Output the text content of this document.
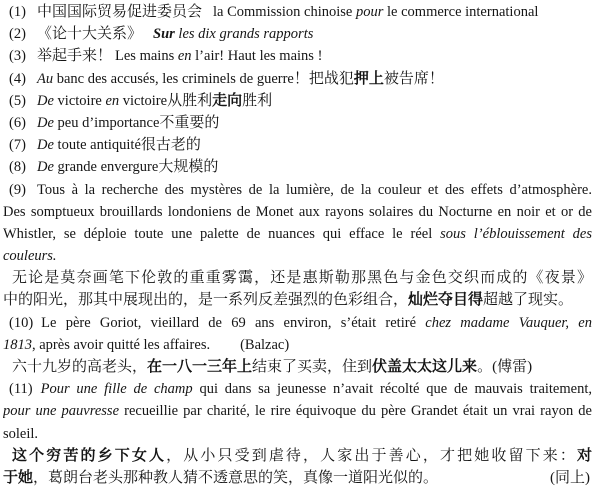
(1) 中国国际贸易促进委员会 la Commission chinoise pour le commerce international
(2) 《论十大关系》 Sur les dix grands rapports
(3) 举起手来！ Les mains en l’air! Haut les mains !
(4) Au banc des accusés, les criminels de guerre！把战犯押上被告席！
(5) De victoire en victoire从胜利走向胜利
(6) De peu d’importance不重要的
(7) De toute antiquité很古老的
(8) De grande envergure大规模的
(9) Tous à la recherche des mystères de la lumière, de la couleur et des effets d’atmosphère.
Des somptueux brouillards londoniens de Monet aux rayons solaires du Nocturne en noir et or de
Whistler, se déploie toute une palette de nuances qui efface le réel sous l’éblouissement des
couleurs.
无论是莫奈画笔下伦敦的重重雾霭，还是惠斯勒那黑色与金色交织而成的《夜景》
中的阳光，那其中展现出的，是一系列反差强烈的色彩组合，灿烂夺目得超越了现实。
(10) Le père Goriot, vieillard de 69 ans environ, s’était retiré chez madame Vauquer, en
1813, après avoir quitté les affaires. (Balzac)
六十九岁的高老头，在一八一三年上结束了买卖，住到伏盖太太这儿来。(傅雷)
(11) Pour une fille de champ qui dans sa jeunesse n’avait récolté que de mauvais traitement,
pour une pauvresse recueillie par charité, le rire équivoque du père Grandet était un vrai rayon de
soleil.
这个穷苦的乡下女人，从小只受到虐待，人家出于善心，才把她收留下来：对
于她，葛朗台老头那种教人猜不透意思的笑，真像一道阳光似的。	(同上)
